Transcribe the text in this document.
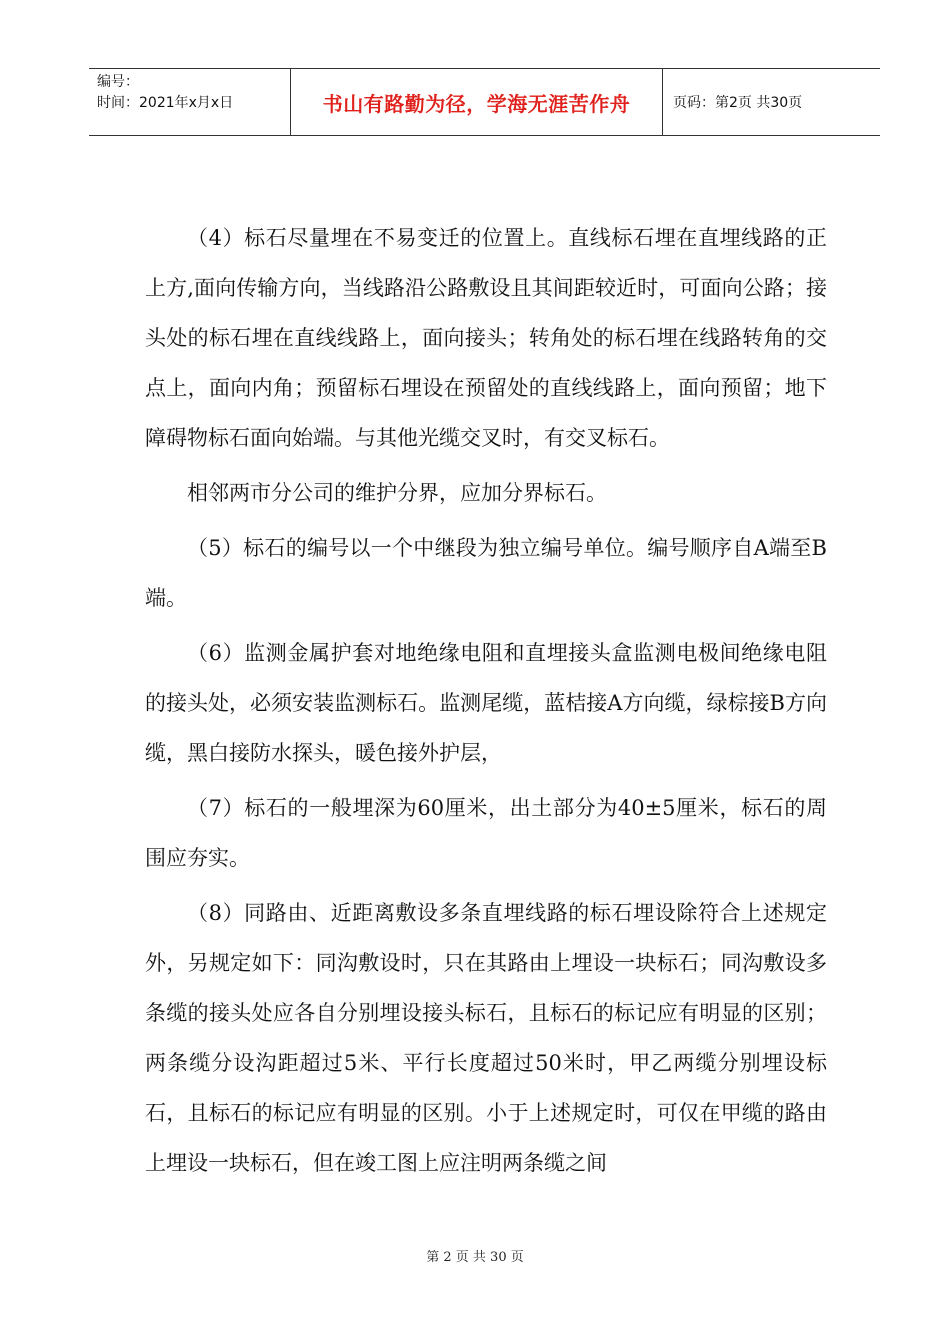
编号：
时间：2021年x月x日	书山有路勤为径，学海无涯苦作舟	页码：第2页 共30页

（4）标石尽量埋在不易变迁的位置上。直线标石埋在直埋线路的正上方,面向传输方向，当线路沿公路敷设且其间距较近时，可面向公路；接头处的标石埋在直线线路上，面向接头；转角处的标石埋在线路转角的交点上，面向内角；预留标石埋设在预留处的直线线路上，面向预留；地下障碍物标石面向始端。与其他光缆交叉时，有交叉标石。

相邻两市分公司的维护分界，应加分界标石。

（5）标石的编号以一个中继段为独立编号单位。编号顺序自A端至B端。

（6）监测金属护套对地绝缘电阻和直埋接头盒监测电极间绝缘电阻的接头处，必须安装监测标石。监测尾缆，蓝桔接A方向缆，绿棕接B方向缆，黑白接防水探头，暖色接外护层，

（7）标石的一般埋深为60厘米，出土部分为40±5厘米，标石的周围应夯实。

（8）同路由、近距离敷设多条直埋线路的标石埋设除符合上述规定外，另规定如下：同沟敷设时，只在其路由上埋设一块标石；同沟敷设多条缆的接头处应各自分别埋设接头标石，且标石的标记应有明显的区别；两条缆分设沟距超过5米、平行长度超过50米时，甲乙两缆分别埋设标石，且标石的标记应有明显的区别。小于上述规定时，可仅在甲缆的路由上埋设一块标石，但在竣工图上应注明两条缆之间

第 2 页 共 30 页
